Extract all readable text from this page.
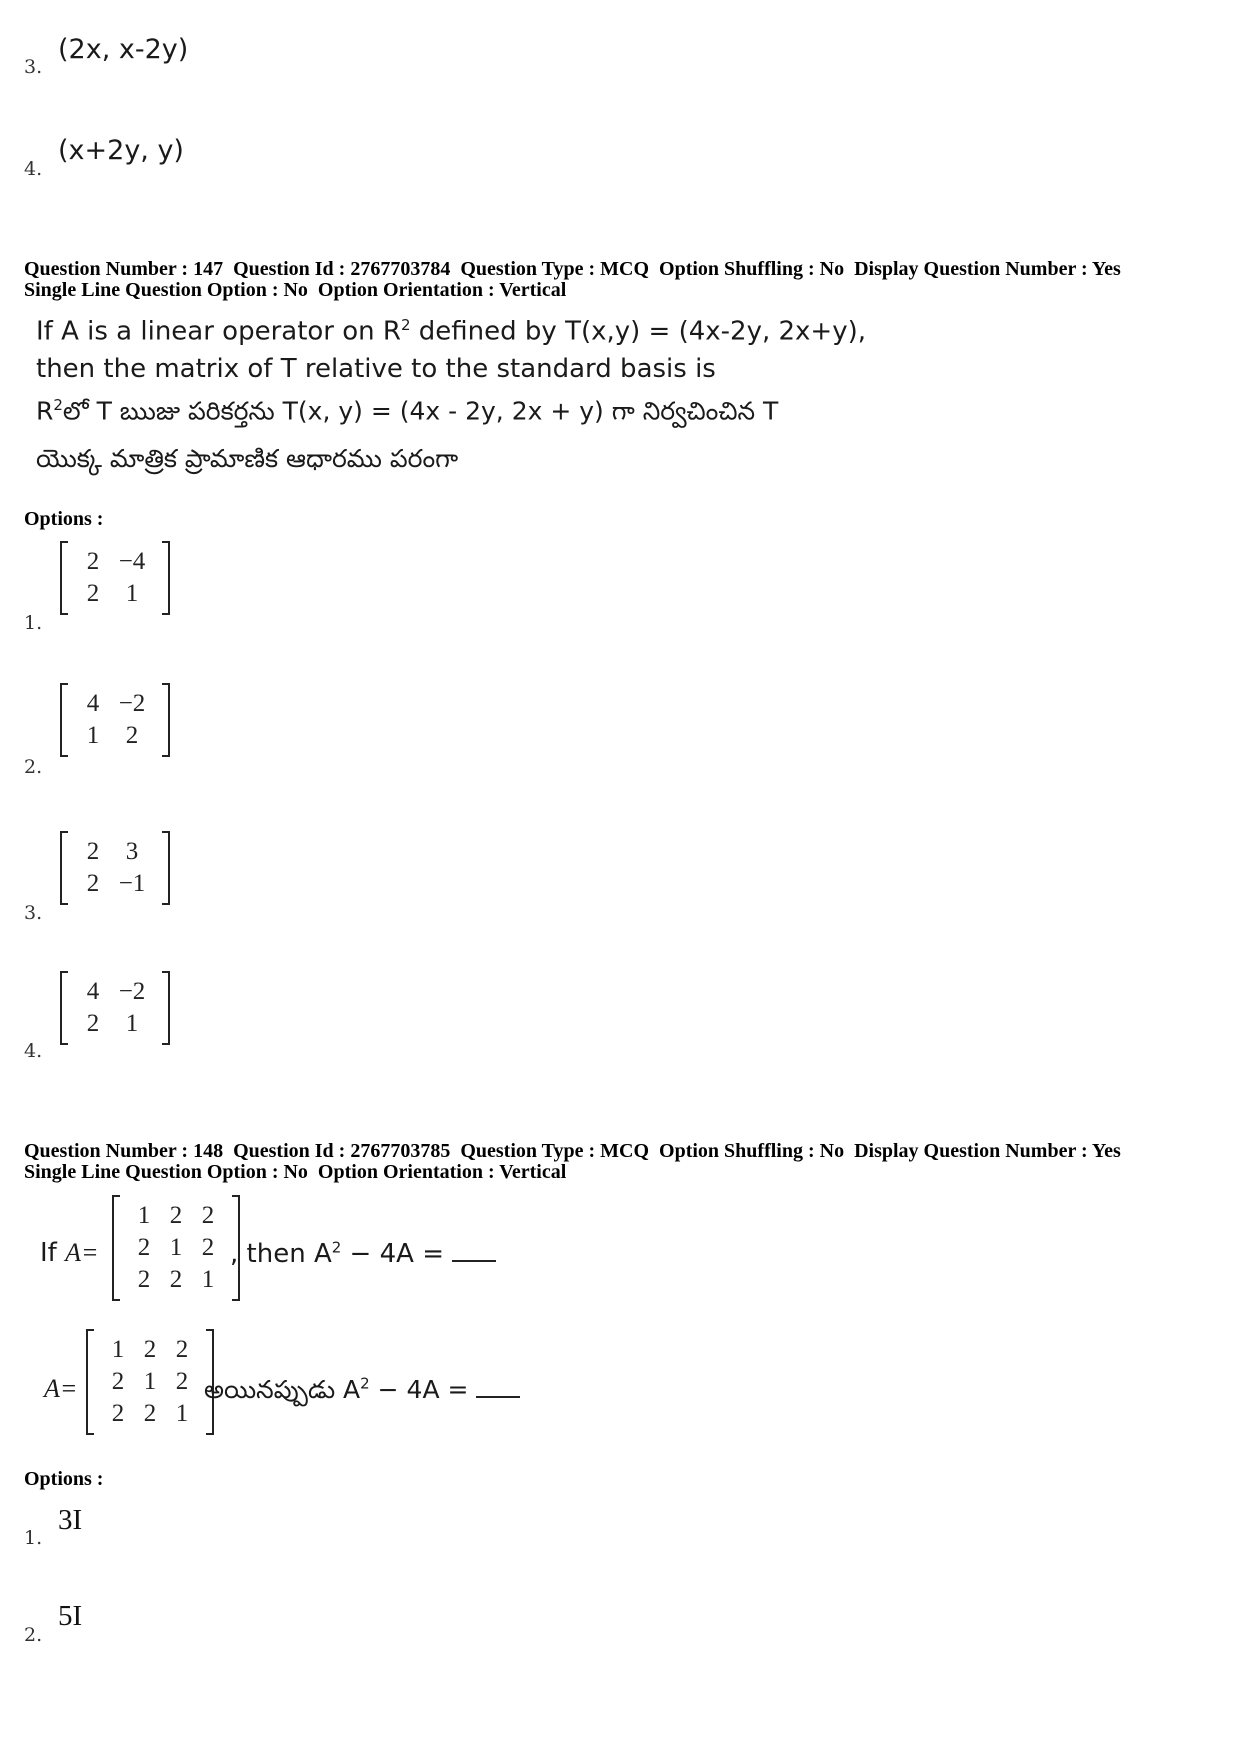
(2x, x-2y)
3.
(x+2y, y)
4.
Question Number : 147  Question Id : 2767703784  Question Type : MCQ  Option Shuffling : No  Display Question Number : Yes
Single Line Question Option : No  Option Orientation : Vertical
If A is a linear operator on $R^2$ defined by T(x,y) = (4x-2y, 2x+y),
then the matrix of T relative to the standard basis is
$R^2లో$ T ఋజు పరికర్తను T(x, y) = (4x - 2y, 2x + y) గా నిర్వచించిన T
యొక్క మాత్రిక ప్రామాణిక ఆధారము పరంగా
Options :
2 −4
2	1
1.
4 −2
1	2
2.
2	3
2 −1
3.
4 −2
2	1
4.
Question Number : 148  Question Id : 2767703785  Question Type : MCQ  Option Shuffling : No  Display Question Number : Yes
Single Line Question Option : No  Option Orientation : Vertical
If A=
1 2 2
2 1 2
2 2 1
, then $A^2 - 4A$ =
A=
1 2 2
2 1 2
2 2 1
అయినప్పుడు $A^2 - 4A$ =
Options :
3I
1.
5I
2.
